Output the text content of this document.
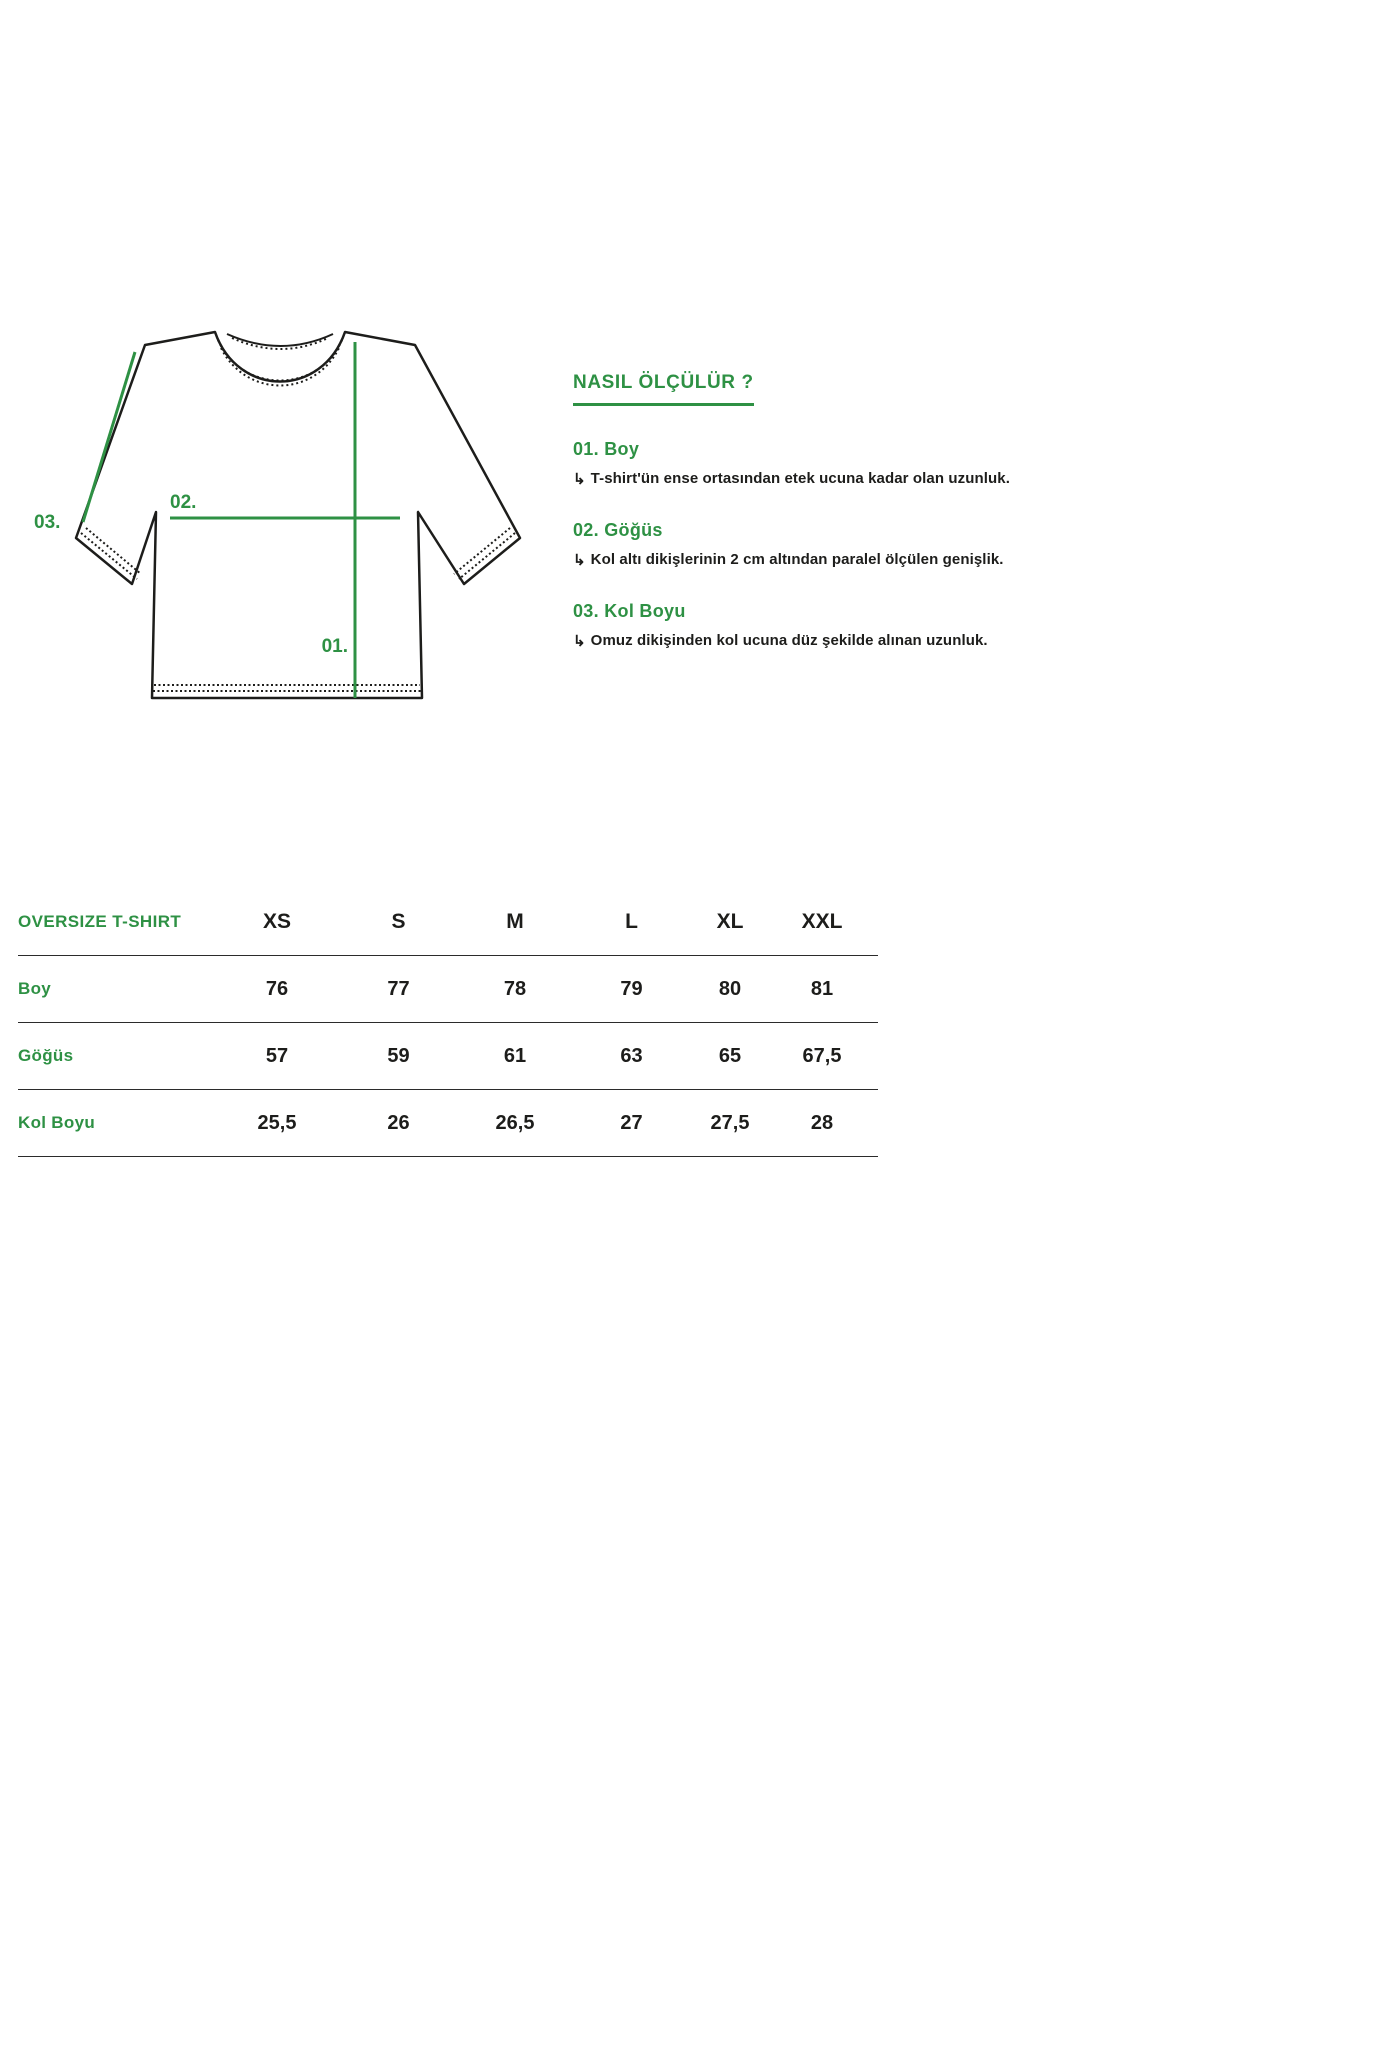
02.
01.
03.
NASIL ÖLÇÜLÜR ?

01. Boy

↳ T-shirt'ün ense ortasından etek ucuna kadar olan uzunluk.

02. Göğüs

↳ Kol altı dikişlerinin 2 cm altından paralel ölçülen genişlik.

03. Kol Boyu

↳ Omuz dikişinden kol ucuna düz şekilde alınan uzunluk.

OVERSIZE T-SHIRT	XS	S	M	L	XL	XXL
Boy	76	77	78	79	80	81
Göğüs	57	59	61	63	65	67,5
Kol Boyu	25,5	26	26,5	27	27,5	28
